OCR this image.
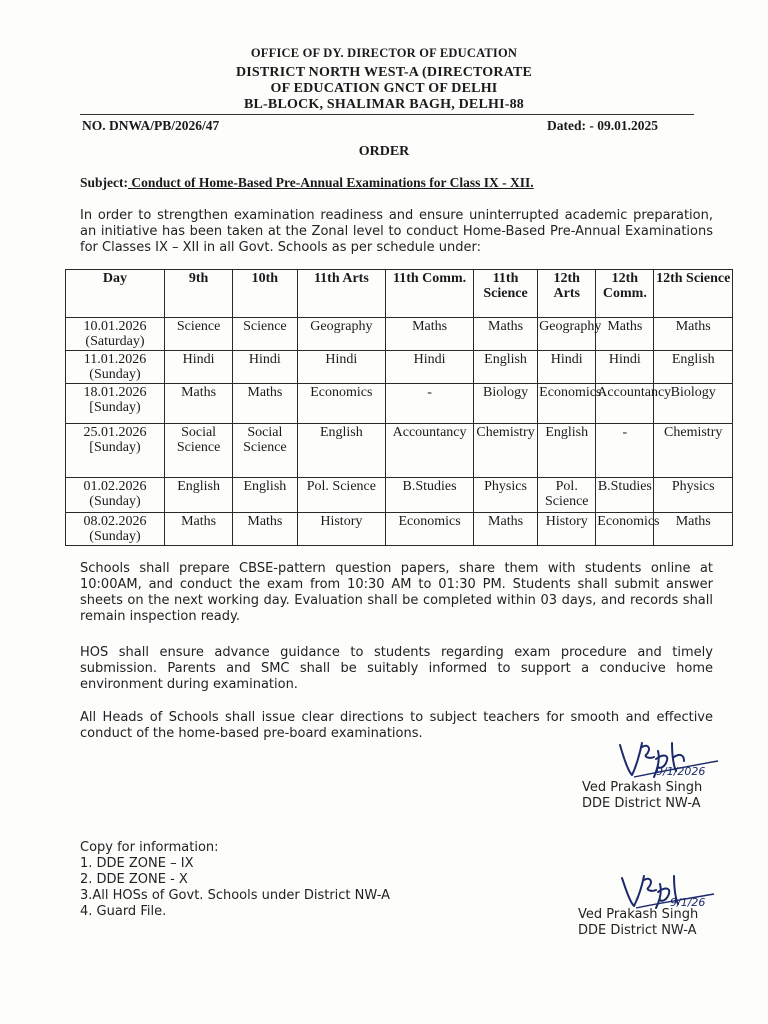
OFFICE OF DY. DIRECTOR OF EDUCATION
DISTRICT NORTH WEST-A (DIRECTORATE
OF EDUCATION GNCT OF DELHI
BL-BLOCK, SHALIMAR BAGH, DELHI-88
NO. DNWA/PB/2026/47	Dated: - 09.01.2025
ORDER
Subject: Conduct of Home-Based Pre-Annual Examinations for Class IX - XII.
In order to strengthen examination readiness and ensure uninterrupted academic preparation, an initiative has been taken at the Zonal level to conduct Home-Based Pre-Annual Examinations for Classes IX – XII in all Govt. Schools as per schedule under:
Day	9th	10th	11th Arts	11th Comm.	11th Science	12th Arts	12th Comm.	12th Science
10.01.2026 (Saturday)	Science	Science	Geography	Maths	Maths	Geography	Maths	Maths
11.01.2026 (Sunday)	Hindi	Hindi	Hindi	Hindi	English	Hindi	Hindi	English
18.01.2026 [Sunday)	Maths	Maths	Economics	-	Biology	Economics	Accountancy	Biology
25.01.2026 [Sunday)	Social Science	Social Science	English	Accountancy	Chemistry	English	-	Chemistry
01.02.2026 (Sunday)	English	English	Pol. Science	B.Studies	Physics	Pol. Science	B.Studies	Physics
08.02.2026 (Sunday)	Maths	Maths	History	Economics	Maths	History	Economics	Maths
Schools shall prepare CBSE-pattern question papers, share them with students online at 10:00AM, and conduct the exam from 10:30 AM to 01:30 PM. Students shall submit answer sheets on the next working day. Evaluation shall be completed within 03 days, and records shall remain inspection ready.
HOS shall ensure advance guidance to students regarding exam procedure and timely submission. Parents and SMC shall be suitably informed to support a conducive home environment during examination.
All Heads of Schools shall issue clear directions to subject teachers for smooth and effective conduct of the home-based pre-board examinations.
9/1/2026
Ved Prakash Singh
DDE District NW-A
Copy for information:
1. DDE ZONE – IX
2. DDE ZONE - X
3.All HOSs of Govt. Schools under District NW-A
4. Guard File.
9/1/26
Ved Prakash Singh
DDE District NW-A
